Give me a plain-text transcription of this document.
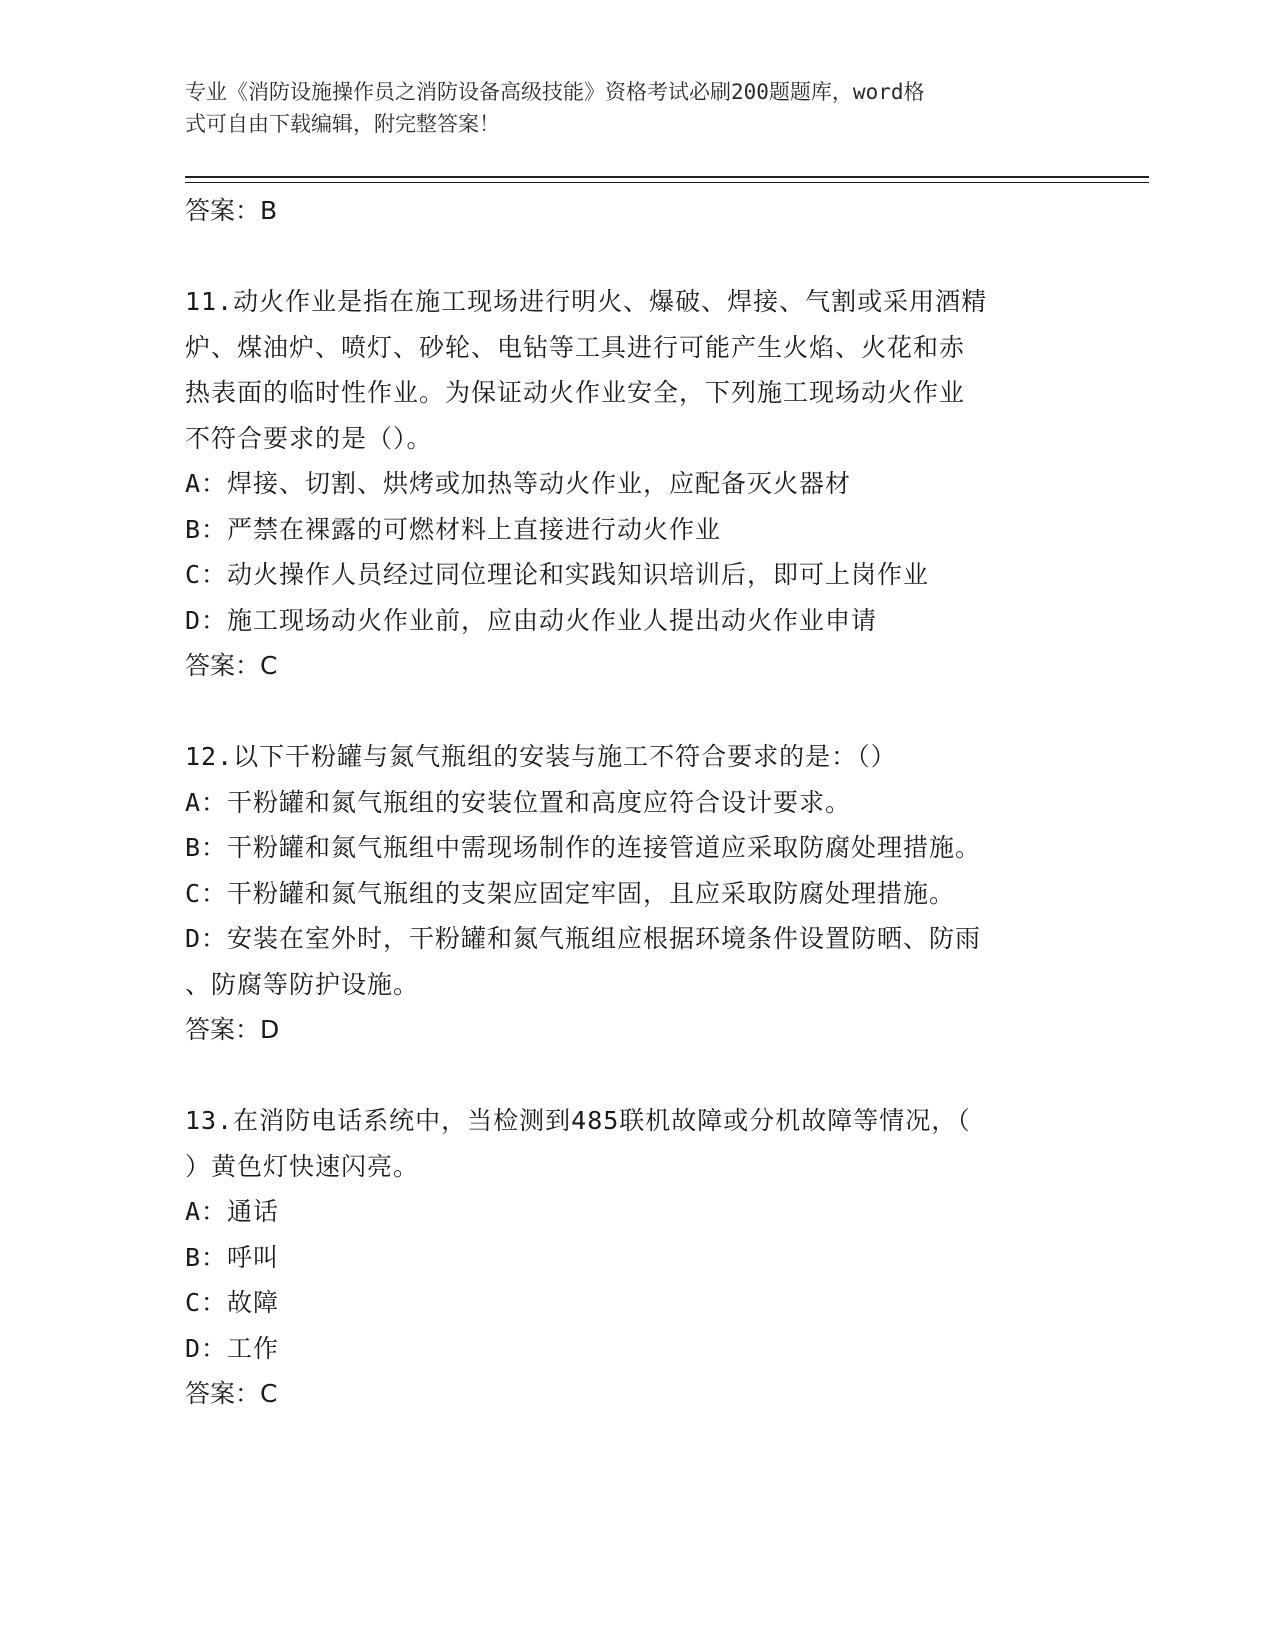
专业《消防设施操作员之消防设备高级技能》资格考试必刷200题题库，word格
式可自由下载编辑，附完整答案！
答案：B
11.动火作业是指在施工现场进行明火、爆破、焊接、气割或采用酒精
炉、煤油炉、喷灯、砂轮、电钻等工具进行可能产生火焰、火花和赤
热表面的临时性作业。为保证动火作业安全，下列施工现场动火作业
不符合要求的是（）。
A：焊接、切割、烘烤或加热等动火作业，应配备灭火器材
B：严禁在裸露的可燃材料上直接进行动火作业
C：动火操作人员经过同位理论和实践知识培训后，即可上岗作业
D：施工现场动火作业前，应由动火作业人提出动火作业申请
答案：C
12.以下干粉罐与氮气瓶组的安装与施工不符合要求的是：（）
A：干粉罐和氮气瓶组的安装位置和高度应符合设计要求。
B：干粉罐和氮气瓶组中需现场制作的连接管道应采取防腐处理措施。
C：干粉罐和氮气瓶组的支架应固定牢固，且应采取防腐处理措施。
D：安装在室外时，干粉罐和氮气瓶组应根据环境条件设置防晒、防雨
、防腐等防护设施。
答案：D
13.在消防电话系统中，当检测到485联机故障或分机故障等情况，（
）黄色灯快速闪亮。
A：通话
B：呼叫
C：故障
D：工作
答案：C
